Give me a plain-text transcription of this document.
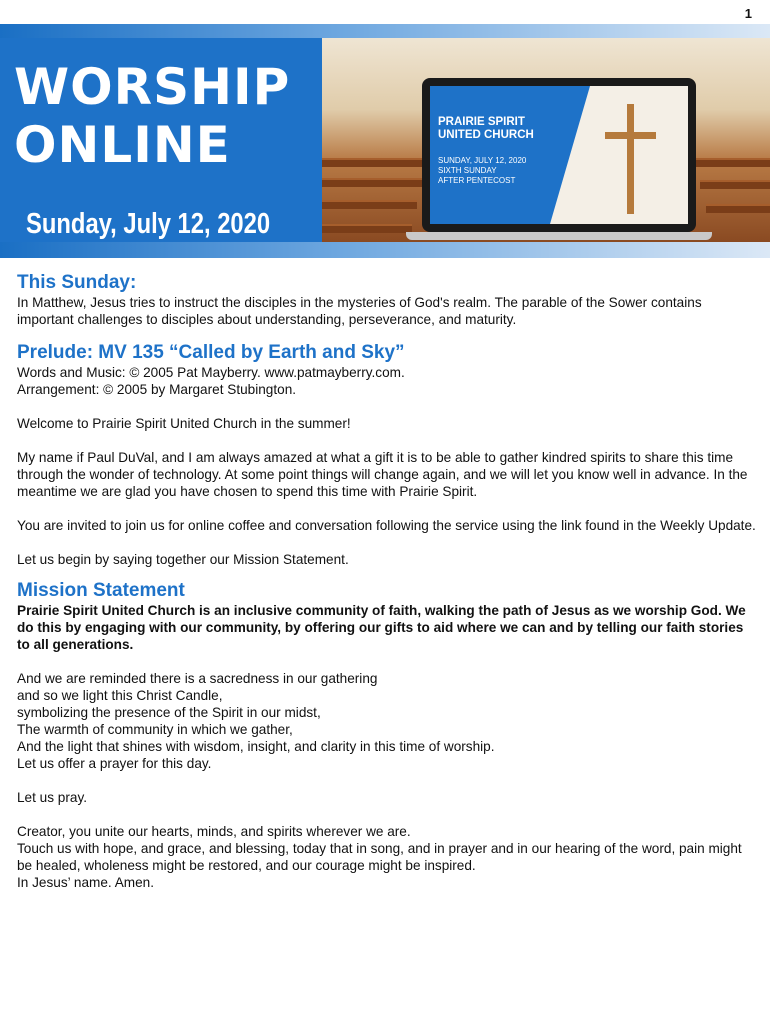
1
WORSHIP
ONLINE
Sunday, July 12, 2020
PRAIRIE SPIRIT
UNITED CHURCH
SUNDAY, JULY 12, 2020
SIXTH SUNDAY
AFTER PENTECOST
This Sunday:

In Matthew, Jesus tries to instruct the disciples in the mysteries of God's realm. The parable of the Sower contains important challenges to disciples about understanding, perseverance, and maturity.

Prelude: MV 135 “Called by Earth and Sky”

Words and Music: © 2005 Pat Mayberry. www.patmayberry.com.
Arrangement: © 2005 by Margaret Stubington.

Welcome to Prairie Spirit United Church in the summer!

My name if Paul DuVal, and I am always amazed at what a gift it is to be able to gather kindred spirits to share this time through the wonder of technology. At some point things will change again, and we will let you know well in advance. In the meantime we are glad you have chosen to spend this time with Prairie Spirit.

You are invited to join us for online coffee and conversation following the service using the link found in the Weekly Update.

Let us begin by saying together our Mission Statement.

Mission Statement

Prairie Spirit United Church is an inclusive community of faith, walking the path of Jesus as we worship God. We do this by engaging with our community, by offering our gifts to aid where we can and by telling our faith stories to all generations.

And we are reminded there is a sacredness in our gathering
and so we light this Christ Candle,
symbolizing the presence of the Spirit in our midst,
The warmth of community in which we gather,
And the light that shines with wisdom, insight, and clarity in this time of worship.
Let us offer a prayer for this day.

Let us pray.

Creator, you unite our hearts, minds, and spirits wherever we are.
Touch us with hope, and grace, and blessing, today that in song, and in prayer and in our hearing of the word, pain might be healed, wholeness might be restored, and our courage might be inspired.
In Jesus’ name. Amen.
